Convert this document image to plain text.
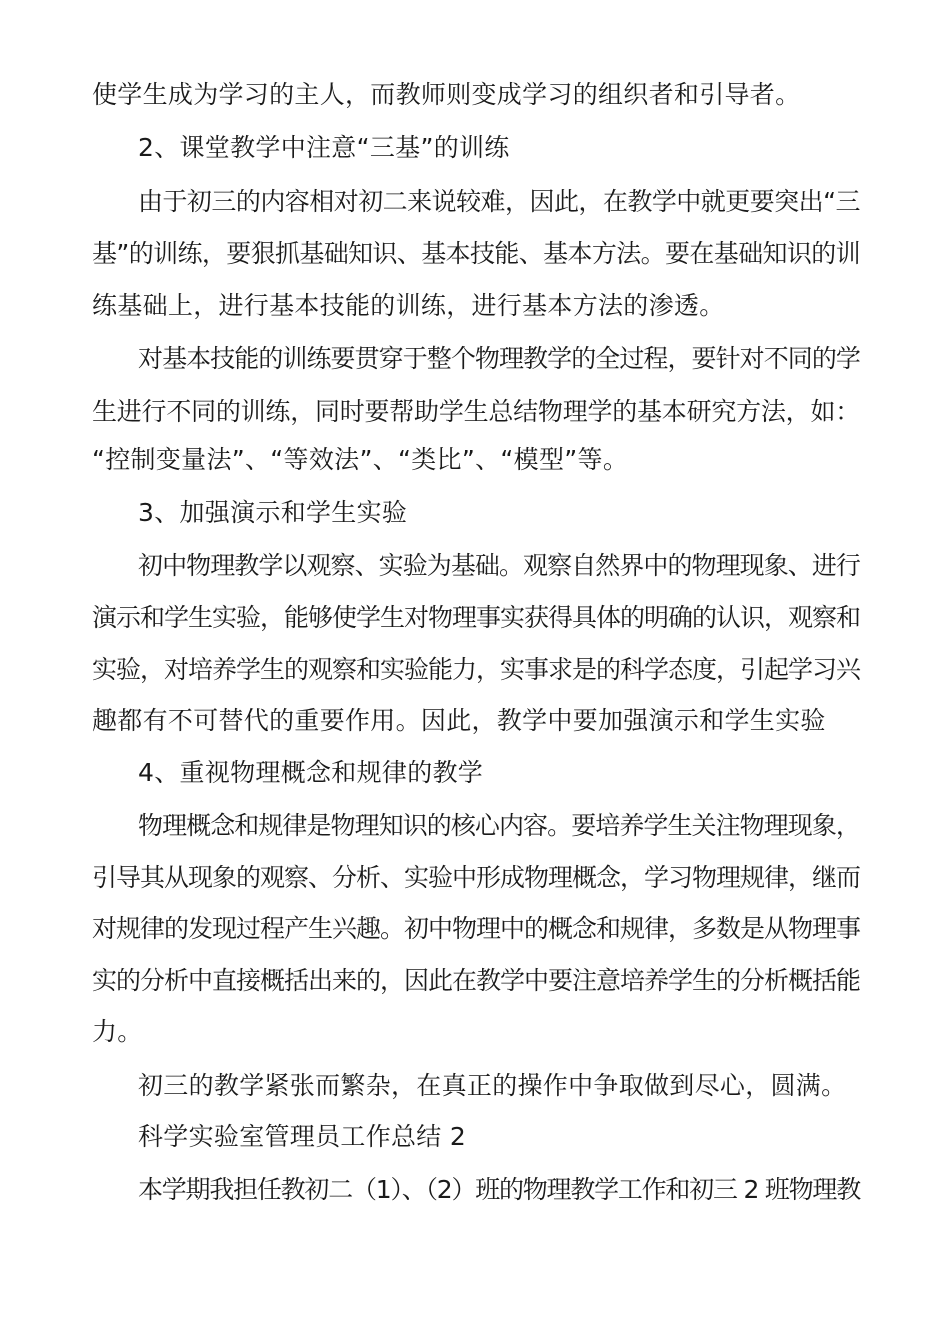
使学生成为学习的主人，而教师则变成学习的组织者和引导者。
2、课堂教学中注意“三基”的训练
由于初三的内容相对初二来说较难，因此，在教学中就更要突出“三
基”的训练，要狠抓基础知识、基本技能、基本方法。要在基础知识的训
练基础上，进行基本技能的训练，进行基本方法的渗透。
对基本技能的训练要贯穿于整个物理教学的全过程，要针对不同的学
生进行不同的训练，同时要帮助学生总结物理学的基本研究方法，如：
“控制变量法”、“等效法”、“类比”、“模型”等。
3、加强演示和学生实验
初中物理教学以观察、实验为基础。观察自然界中的物理现象、进行
演示和学生实验，能够使学生对物理事实获得具体的明确的认识，观察和
实验，对培养学生的观察和实验能力，实事求是的科学态度，引起学习兴
趣都有不可替代的重要作用。因此，教学中要加强演示和学生实验
4、重视物理概念和规律的教学
物理概念和规律是物理知识的核心内容。要培养学生关注物理现象，
引导其从现象的观察、分析、实验中形成物理概念，学习物理规律，继而
对规律的发现过程产生兴趣。初中物理中的概念和规律，多数是从物理事
实的分析中直接概括出来的，因此在教学中要注意培养学生的分析概括能
力。
初三的教学紧张而繁杂，在真正的操作中争取做到尽心，圆满。
科学实验室管理员工作总结 2
本学期我担任教初二（1）、（2）班的物理教学工作和初三 2 班物理教
